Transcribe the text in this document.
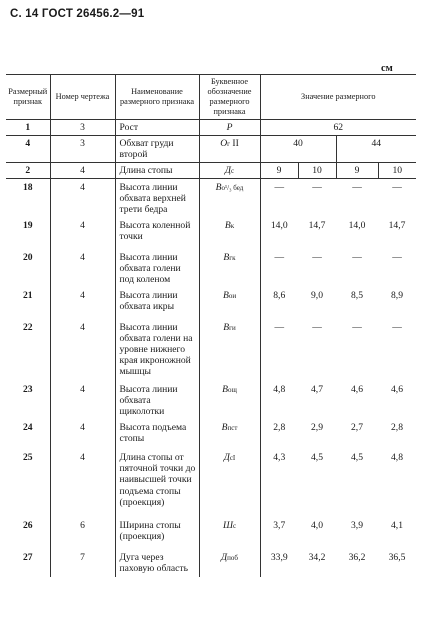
С. 14 ГОСТ 26456.2—91
см
Размерный признак	Номер чертежа	Наименование размерного признака	Буквенное обозначение размерного признака	Значение размерного			
1	3	Рост	Р	62			
4	3	Обхват груди второй	Ог II	40		44	
2	4	Длина стопы	Дс	9	10	9	10
18	4	Высота линии обхвата верхней трети бедра	Во¹/₃ бед	—	—	—	—
19	4	Высота коленной точки	Вк	14,0	14,7	14,0	14,7
20	4	Высота линии обхвата голени под коленом	Вгк	—	—	—	—
21	4	Высота линии обхвата икры	Вои	8,6	9,0	8,5	8,9
22	4	Высота линии обхвата голени на уровне нижнего края икроножной мышцы	Вги	—	—	—	—
23	4	Высота линии обхвата щиколотки	Вощ	4,8	4,7	4,6	4,6
24	4	Высота подъема стопы	Впст	2,8	2,9	2,7	2,8
25	4	Длина стопы от пяточной точки до наивысшей точки подъема стопы (проекция)	ДсI	4,3	4,5	4,5	4,8
26	6	Ширина стопы (проекция)	Шс	3,7	4,0	3,9	4,1
27	7	Дуга через паховую область	Дпоб	33,9	34,2	36,2	36,5
